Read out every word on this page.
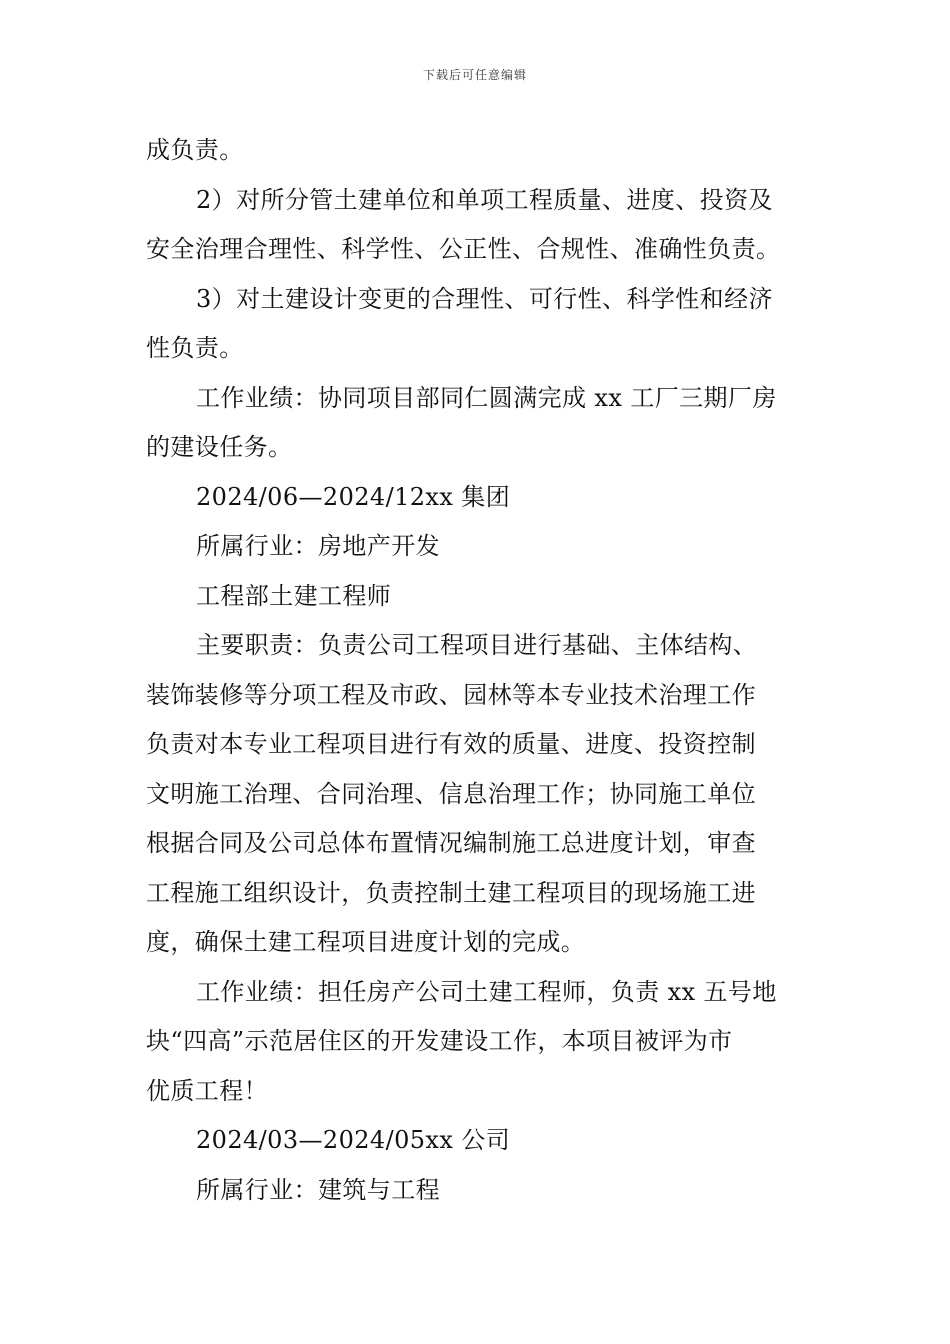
下载后可任意编辑
成负责。
2）对所分管土建单位和单项工程质量、进度、投资及
安全治理合理性、科学性、公正性、合规性、准确性负责。
3）对土建设计变更的合理性、可行性、科学性和经济
性负责。
工作业绩：协同项目部同仁圆满完成 xx 工厂三期厂房
的建设任务。
2024/06—2024/12xx 集团
所属行业：房地产开发
工程部土建工程师
主要职责：负责公司工程项目进行基础、主体结构、
装饰装修等分项工程及市政、园林等本专业技术治理工作
负责对本专业工程项目进行有效的质量、进度、投资控制
文明施工治理、合同治理、信息治理工作；协同施工单位
根据合同及公司总体布置情况编制施工总进度计划，审查
工程施工组织设计，负责控制土建工程项目的现场施工进
度，确保土建工程项目进度计划的完成。
工作业绩：担任房产公司土建工程师，负责 xx 五号地
块“四高”示范居住区的开发建设工作，本项目被评为市
优质工程！
2024/03—2024/05xx 公司
所属行业：建筑与工程
